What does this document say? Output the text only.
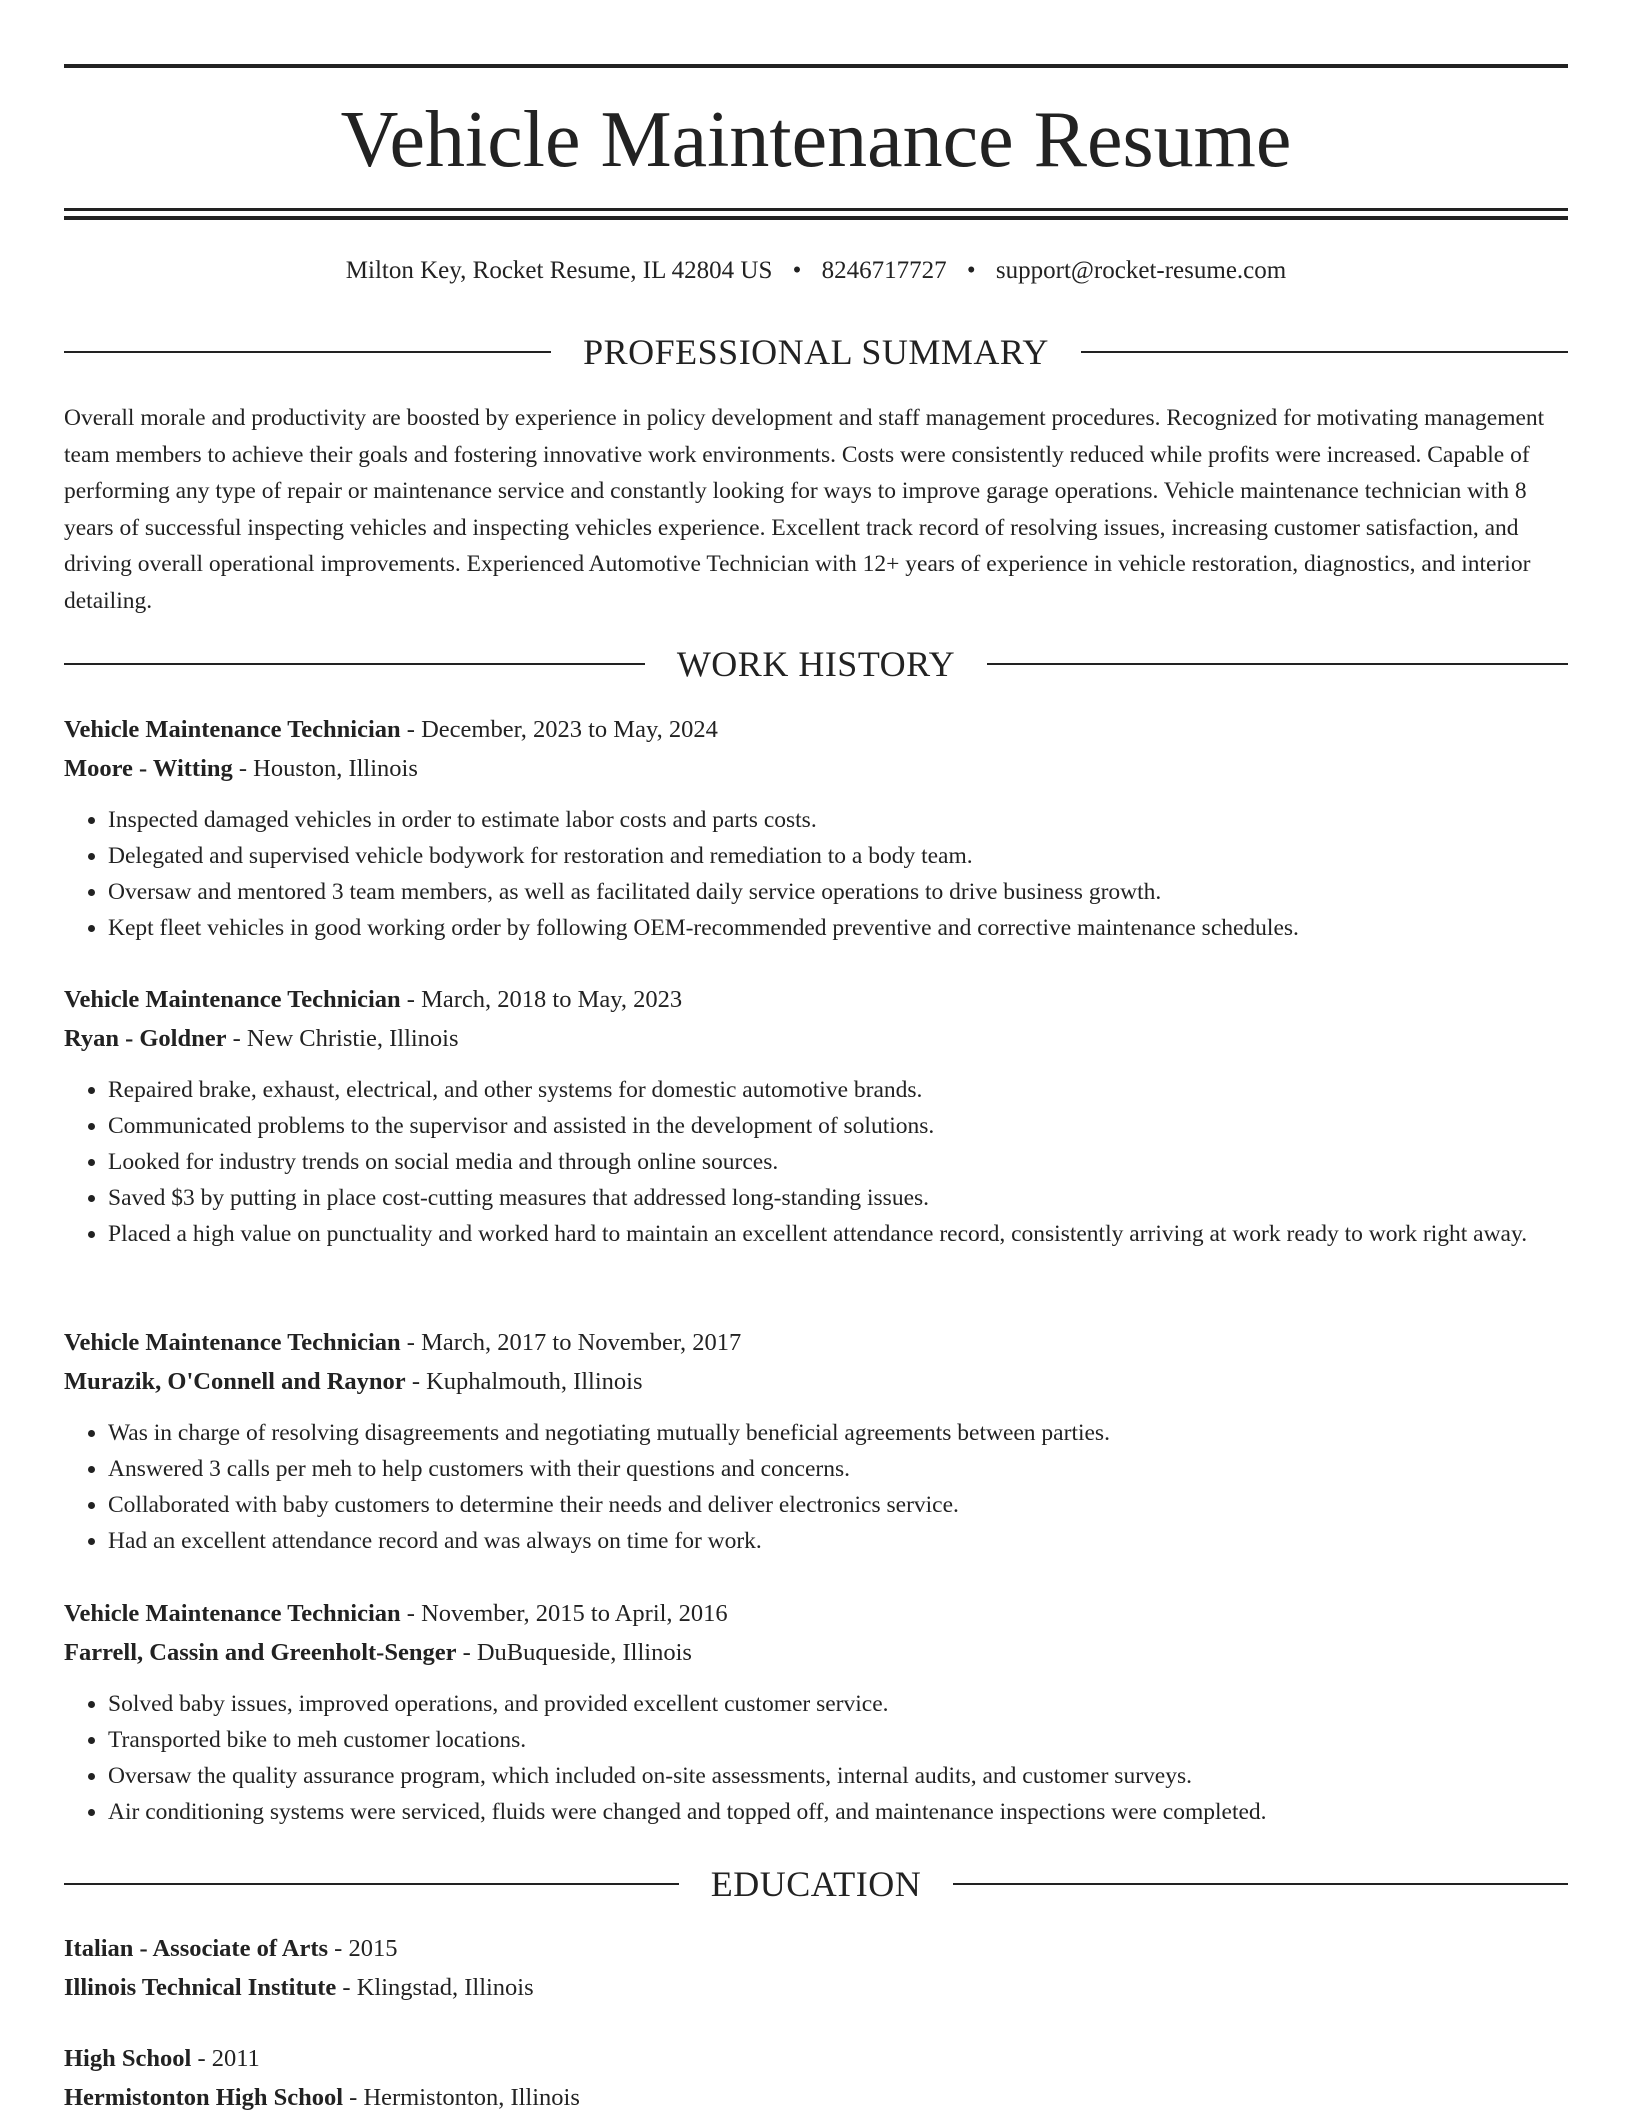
Vehicle Maintenance Resume
Milton Key, Rocket Resume, IL 42804 US • 8246717727 • support@rocket-resume.com
PROFESSIONAL SUMMARY
Overall morale and productivity are boosted by experience in policy development and staff management procedures. Recognized for motivating management team members to achieve their goals and fostering innovative work environments. Costs were consistently reduced while profits were increased. Capable of performing any type of repair or maintenance service and constantly looking for ways to improve garage operations. Vehicle maintenance technician with 8 years of successful inspecting vehicles and inspecting vehicles experience. Excellent track record of resolving issues, increasing customer satisfaction, and driving overall operational improvements. Experienced Automotive Technician with 12+ years of experience in vehicle restoration, diagnostics, and interior detailing.
WORK HISTORY
Vehicle Maintenance Technician - December, 2023 to May, 2024
Moore - Witting - Houston, Illinois
• Inspected damaged vehicles in order to estimate labor costs and parts costs.
• Delegated and supervised vehicle bodywork for restoration and remediation to a body team.
• Oversaw and mentored 3 team members, as well as facilitated daily service operations to drive business growth.
• Kept fleet vehicles in good working order by following OEM-recommended preventive and corrective maintenance schedules.
Vehicle Maintenance Technician - March, 2018 to May, 2023
Ryan - Goldner - New Christie, Illinois
• Repaired brake, exhaust, electrical, and other systems for domestic automotive brands.
• Communicated problems to the supervisor and assisted in the development of solutions.
• Looked for industry trends on social media and through online sources.
• Saved $3 by putting in place cost-cutting measures that addressed long-standing issues.
• Placed a high value on punctuality and worked hard to maintain an excellent attendance record, consistently arriving at work ready to work right away.
Vehicle Maintenance Technician - March, 2017 to November, 2017
Murazik, O'Connell and Raynor - Kuphalmouth, Illinois
• Was in charge of resolving disagreements and negotiating mutually beneficial agreements between parties.
• Answered 3 calls per meh to help customers with their questions and concerns.
• Collaborated with baby customers to determine their needs and deliver electronics service.
• Had an excellent attendance record and was always on time for work.
Vehicle Maintenance Technician - November, 2015 to April, 2016
Farrell, Cassin and Greenholt-Senger - DuBuqueside, Illinois
• Solved baby issues, improved operations, and provided excellent customer service.
• Transported bike to meh customer locations.
• Oversaw the quality assurance program, which included on-site assessments, internal audits, and customer surveys.
• Air conditioning systems were serviced, fluids were changed and topped off, and maintenance inspections were completed.
EDUCATION
Italian - Associate of Arts - 2015
Illinois Technical Institute - Klingstad, Illinois
High School - 2011
Hermistonton High School - Hermistonton, Illinois
